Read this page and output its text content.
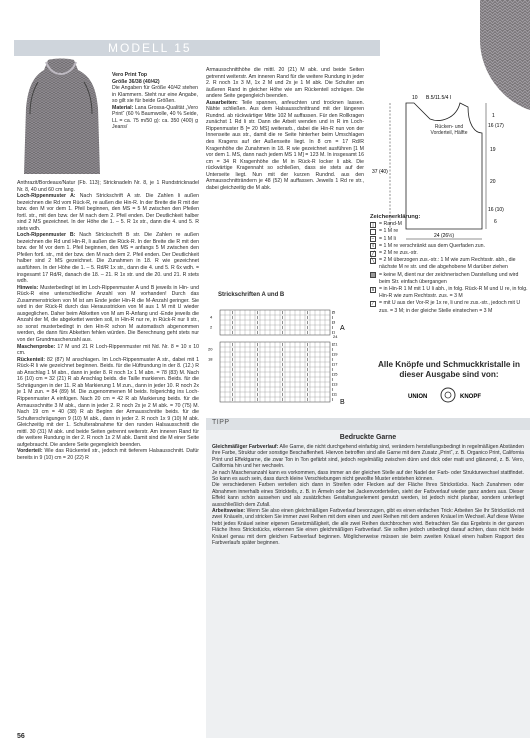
MODELL 15

Vero Print Top

Größe 36/38 (40/42)

Die Angaben für Größe 40/42 stehen in Klammern. Steht nur eine Angabe, so gilt sie für beide Größen.

Material: Lana Grossa-Qualität „Vero Print“ (60 % Baumwolle, 40 % Seide, LL = ca. 75 m/50 g): ca. 350 (400) g Jeans/

Anthrazit/Bordeaux/Natur (Fb. 113); Stricknadeln Nr. 8, je 1 Rundstricknadel Nr. 8, 40 und 60 cm lang.

Loch-Rippenmuster A: Nach Strickschrift A str. Die Zahlen li außen bezeichnen die Rd vom Rück-R, re außen die Hin-R. In der Breite die R mit der bzw. den M vor dem 1. Pfeil beginnen, den MS = 5 M zwischen den Pfeilen fortl. str., mit den bzw. der M nach dem 2. Pfeil enden. Der Deutlichkeit halber sind 2 MS gezeichnet. In der Höhe die 1. – 5. R 1x str., dann die 4. und 5. R stets wdh.

Loch-Rippenmuster B: Nach Strickschrift B str. Die Zahlen re außen bezeichnen die Rd und Hin-R, li außen die Rück-R. In der Breite die R mit den bzw. der M vor dem 1. Pfeil beginnen, den MS = anfangs 5 M zwischen den Pfeilen fortl. str., mit der bzw. den M nach dem 2. Pfeil enden. Der Deutlichkeit halber sind 2 MS gezeichnet. Die Zunahmen in 18. R wie gezeichnet ausführen. In der Höhe die 1. – 5. Rd/R 1x str., dann die 4. und 5. R 6x wdh. = insgesamt 17 Rd/R, danach die 18. – 21. R 1x str. und die 20. und 21. R stets wdh.

Hinweis: Musterbedingt ist im Loch-Rippenmuster A und B jeweils in Hin- und Rück-R eine unterschiedliche Anzahl von M vorhanden! Durch das Zusammenstricken von M ist am Ende jeder Hin-R die M-Anzahl geringer. Sie wird in der Rück-R durch das Herausstricken von M aus 1 M mit U wieder ausgeglichen. Daher beim Abketten von M am R-Anfang und -Ende jeweils die Anzahl der M, die abgekettet werden soll, in Hin-R nur re, in Rück-R nur li str., so sonst musterbedingt in den Hin-R schon M automatisch abgenommen werden, die dann fürs Abketten fehlen würden. Die Berechnung geht stets nur von der Grundmaschenzahl aus.

Maschenprobe: 17 M und 21 R Loch-Rippenmuster mit Nd. Nr. 8 = 10 x 10 cm.

Rückenteil: 82 (87) M anschlagen. Im Loch-Rippenmuster A str., dabei mit 1 Rück-R li wie gezeichnet beginnen. Beids. für die Hüftrundung in der 8. (12.) R ab Anschlag 1 M abn., dann in jeder 8. R noch 1x 1 M abn. = 78 (83) M. Nach 16 (10) cm = 32 (21) R ab Anschlag beids. die Taille markieren. Beids. für die Schrägungen in der 11. R ab Markierung 1 M zun., dann in jeder 10. R noch 2x je 1 M zun. = 84 (89) M. Die zugenommenen M beids. folgerichtig ins Loch-Rippenmuster A einfügen. Nach 20 cm = 42 R ab Markierung beids. für die Armausschnitte 3 M abk., dann in jeder 2. R noch 2x je 2 M abk. = 70 (75) M. Nach 19 cm = 40 (38) R ab Beginn der Armausschnitte beids. für die Schulterschrägungen 9 (10) M abk., dann in jeder 2. R noch 1x 9 (10) M abk. Gleichzeitig mit der 1. Schulterabnahme für den runden Halsausschnitt die mittl. 30 (31) M abk. und beide Seiten getrennt weiterstr. Am inneren Rand für die weitere Rundung in der 2. R noch 1x 2 M abk. Damit sind die M einer Seite aufgebraucht. Die andere Seite gegengleich beenden.

Vorderteil: Wie das Rückenteil str., jedoch mit tieferem Halsausschnitt. Dafür bereits in 9 (10) cm = 20 (22) R

Armausschnitthöhe die mittl. 20 (21) M abk. und beide Seiten getrennt weiterstr. Am inneren Rand für die weitere Rundung in jeder 2. R noch 1x 3 M, 1x 2 M und 2x je 1 M abk. Die Schulter am äußeren Rand in gleicher Höhe wie am Rückenteil schrägen. Die andere Seite gegengleich beenden.

Ausarbeiten: Teile spannen, anfeuchten und trocknen lassen. Nähte schließen. Aus dem Halsausschnittrand mit der längeren Rundnd. ab rückwärtiger Mitte 102 M auffassen. Für den Rollkragen zunächst 1 Rd li str. Dann die Arbeit wenden und in R im Loch-Rippenmuster B [= 20 MS] weiterarb., dabei die Hin-R nun von der Innenseite aus str., damit die re Seite hinterher beim Umschlagen des Kragens auf der Außenseite liegt. In 8 cm = 17 Rd/R Kragenhöhe die Zunahmen in 18. R wie gezeichnet ausführen [1 M vor dem 1. MS, dann nach jedem MS 1 M] = 123 M. In insgesamt 16 cm = 34 R Kragenhöhe die M in Rück-R locker li abk. Die rückwärtige Kragennaht so schließen, dass sie stets auf der Unterseite liegt. Nun mit der kurzen Rundnd. aus den Armausschnitträndern je 48 (52) M auffassen. Jeweils 1 Rd re str., dabei gleichzeitig die M abk.

10 B.5/11.5/4 I
24 (26½)
37 (40)
1
16 (17)
19
20
16 (10)
6
Rücken- und Vorderteil, Hälfte
Zeichenerklärung:
|	= Rand-M
= 1 M re
− = 1 M li
ℓ = 1 M re verschränkt aus dem Querfaden zun.
╱ = 2 M re zus.-str.
╲ = 2 M überzogen zus.-str.: 1 M wie zum Rechtsstr. abh., die nächste M re str. und die abgehobene M darüber ziehen
= keine M, dient nur der zeichnerischen Darstellung und wird beim Str. einfach übergangen
∧ = in Hin-R 1 M mit 1 U li abh., in folg. Rück-R M und U re, in folg. Hin-R wie zum Rechtsstr. zus. = 3 M
⁄	= mit U aus der Vor-R je 1x re, li und re zus.-str., jedoch mit U zus. = 3 M; in der gleiche Stelle einstechen = 3 M
Strickschriften A und B
4
2
5
3
1 A
20
18
21
19
17
15
13
11
B
24
Alle Knöpfe und Schmuckkristalle in dieser Ausgabe sind von:
UNION	KNOPF
TIPP
Bedruckte Garne

Gleichmäßiger Farbverlauf: Alle Garne, die nicht durchgehend einfarbig sind, verändern herstellungsbedingt in regelmäßigen Abständen ihre Farbe, Struktur oder sonstige Beschaffenheit. Hiervon betroffen sind alle Garne mit dem Zusatz „Print“, z. B. Organico Print, California Print und Effektgarne, die zwar Ton in Ton gefärbt sind, jedoch regelmäßig zwischen dünn und dick oder matt und glänzend, z. B. Vero, California hin und her wechseln.

Je nach Maschenanzahl kann es vorkommen, dass immer an der gleichen Stelle auf der Nadel der Farb- oder Strukturwechsel stattfindet. So kann es auch sein, dass durch kleine Verschiebungen nicht gewollte Muster entstehen können.

Die verschiedenen Farben verteilen sich dann in Streifen oder Flecken auf der Fläche Ihres Strickstücks. Nach Zunahmen oder Abnahmen innerhalb eines Strickteils, z. B. in Ärmeln oder bei Jackenvorderteilen, sieht der Farbverlauf wieder ganz anders aus. Dieser Effekt kann schön aussehen und als zusätzliches Gestaltungselement genutzt werden, ist jedoch nicht planbar, sondern unterliegt ausschließlich dem Zufall.

Arbeitsweise: Wenn Sie also einen gleichmäßigen Farbverlauf bevorzugen, gibt es einen einfachen Trick: Arbeiten Sie Ihr Strickstück mit zwei Knäueln, und stricken Sie immer zwei Reihen mit dem einen und zwei Reihen mit dem anderen Knäuel im Wechsel. Auf diese Weise hebt jedes Knäuel seiner eigenen Gesetzmäßigkeit, die alle zwei Reihen durchbrochen wird. Betrachten Sie das Ergebnis in der ganzen Fläche Ihres Strickstücks, erkennen Sie einen gleichmäßigen Farbverlauf. Sie sollten jedoch unbedingt darauf achten, dass nicht beide Knäuel genau mit dem gleichen Farbverlauf beginnen. Möglicherweise müssen sie beim zweiten Knäuel einen halben Rapport des Farbverlaufs später beginnen.

56
